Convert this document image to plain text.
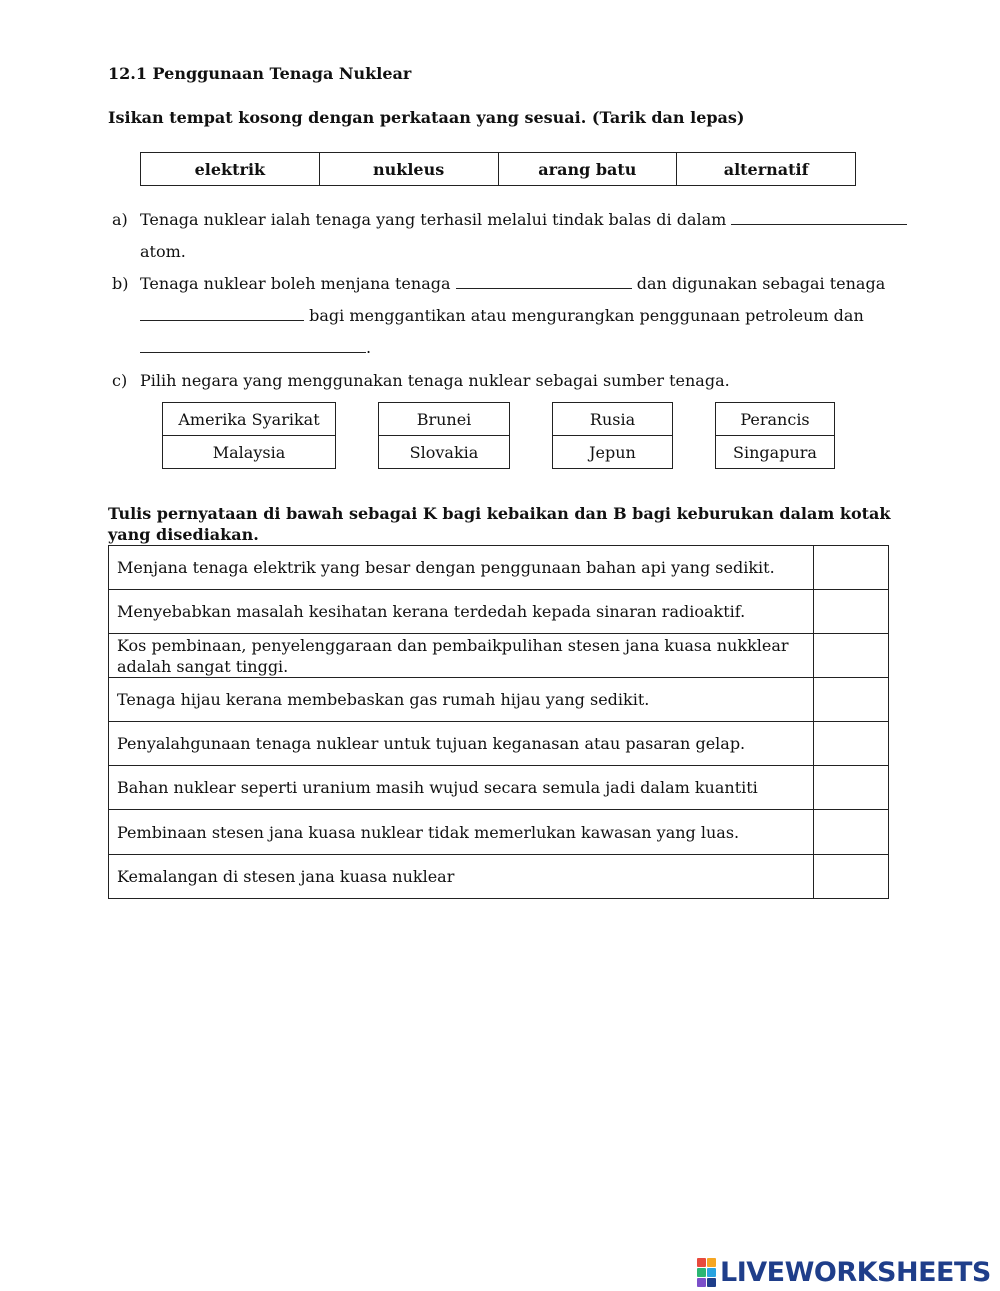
12.1 Penggunaan Tenaga Nuklear
Isikan tempat kosong dengan perkataan yang sesuai. (Tarik dan lepas)
elektrik	nukleus	arang batu	alternatif
a) Tenaga nuklear ialah tenaga yang terhasil melalui tindak balas di dalam
atom.
b) Tenaga nuklear boleh menjana tenaga	dan digunakan sebagai tenaga
bagi menggantikan atau mengurangkan penggunaan petroleum dan
.
c) Pilih negara yang menggunakan tenaga nuklear sebagai sumber tenaga.
Amerika Syarikat
Malaysia
Brunei
Slovakia
Rusia
Jepun
Perancis
Singapura
Tulis pernyataan di bawah sebagai K bagi kebaikan dan B bagi keburukan dalam kotak yang disediakan.
Menjana tenaga elektrik yang besar dengan penggunaan bahan api yang sedikit.
Menyebabkan masalah kesihatan kerana terdedah kepada sinaran radioaktif.
Kos pembinaan, penyelenggaraan dan pembaikpulihan stesen jana kuasa nukklear adalah sangat tinggi.
Tenaga hijau kerana membebaskan gas rumah hijau yang sedikit.
Penyalahgunaan tenaga nuklear untuk tujuan keganasan atau pasaran gelap.
Bahan nuklear seperti uranium masih wujud secara semula jadi dalam kuantiti
Pembinaan stesen jana kuasa nuklear tidak memerlukan kawasan yang luas.
Kemalangan di stesen jana kuasa nuklear
LIVEWORKSHEETS
